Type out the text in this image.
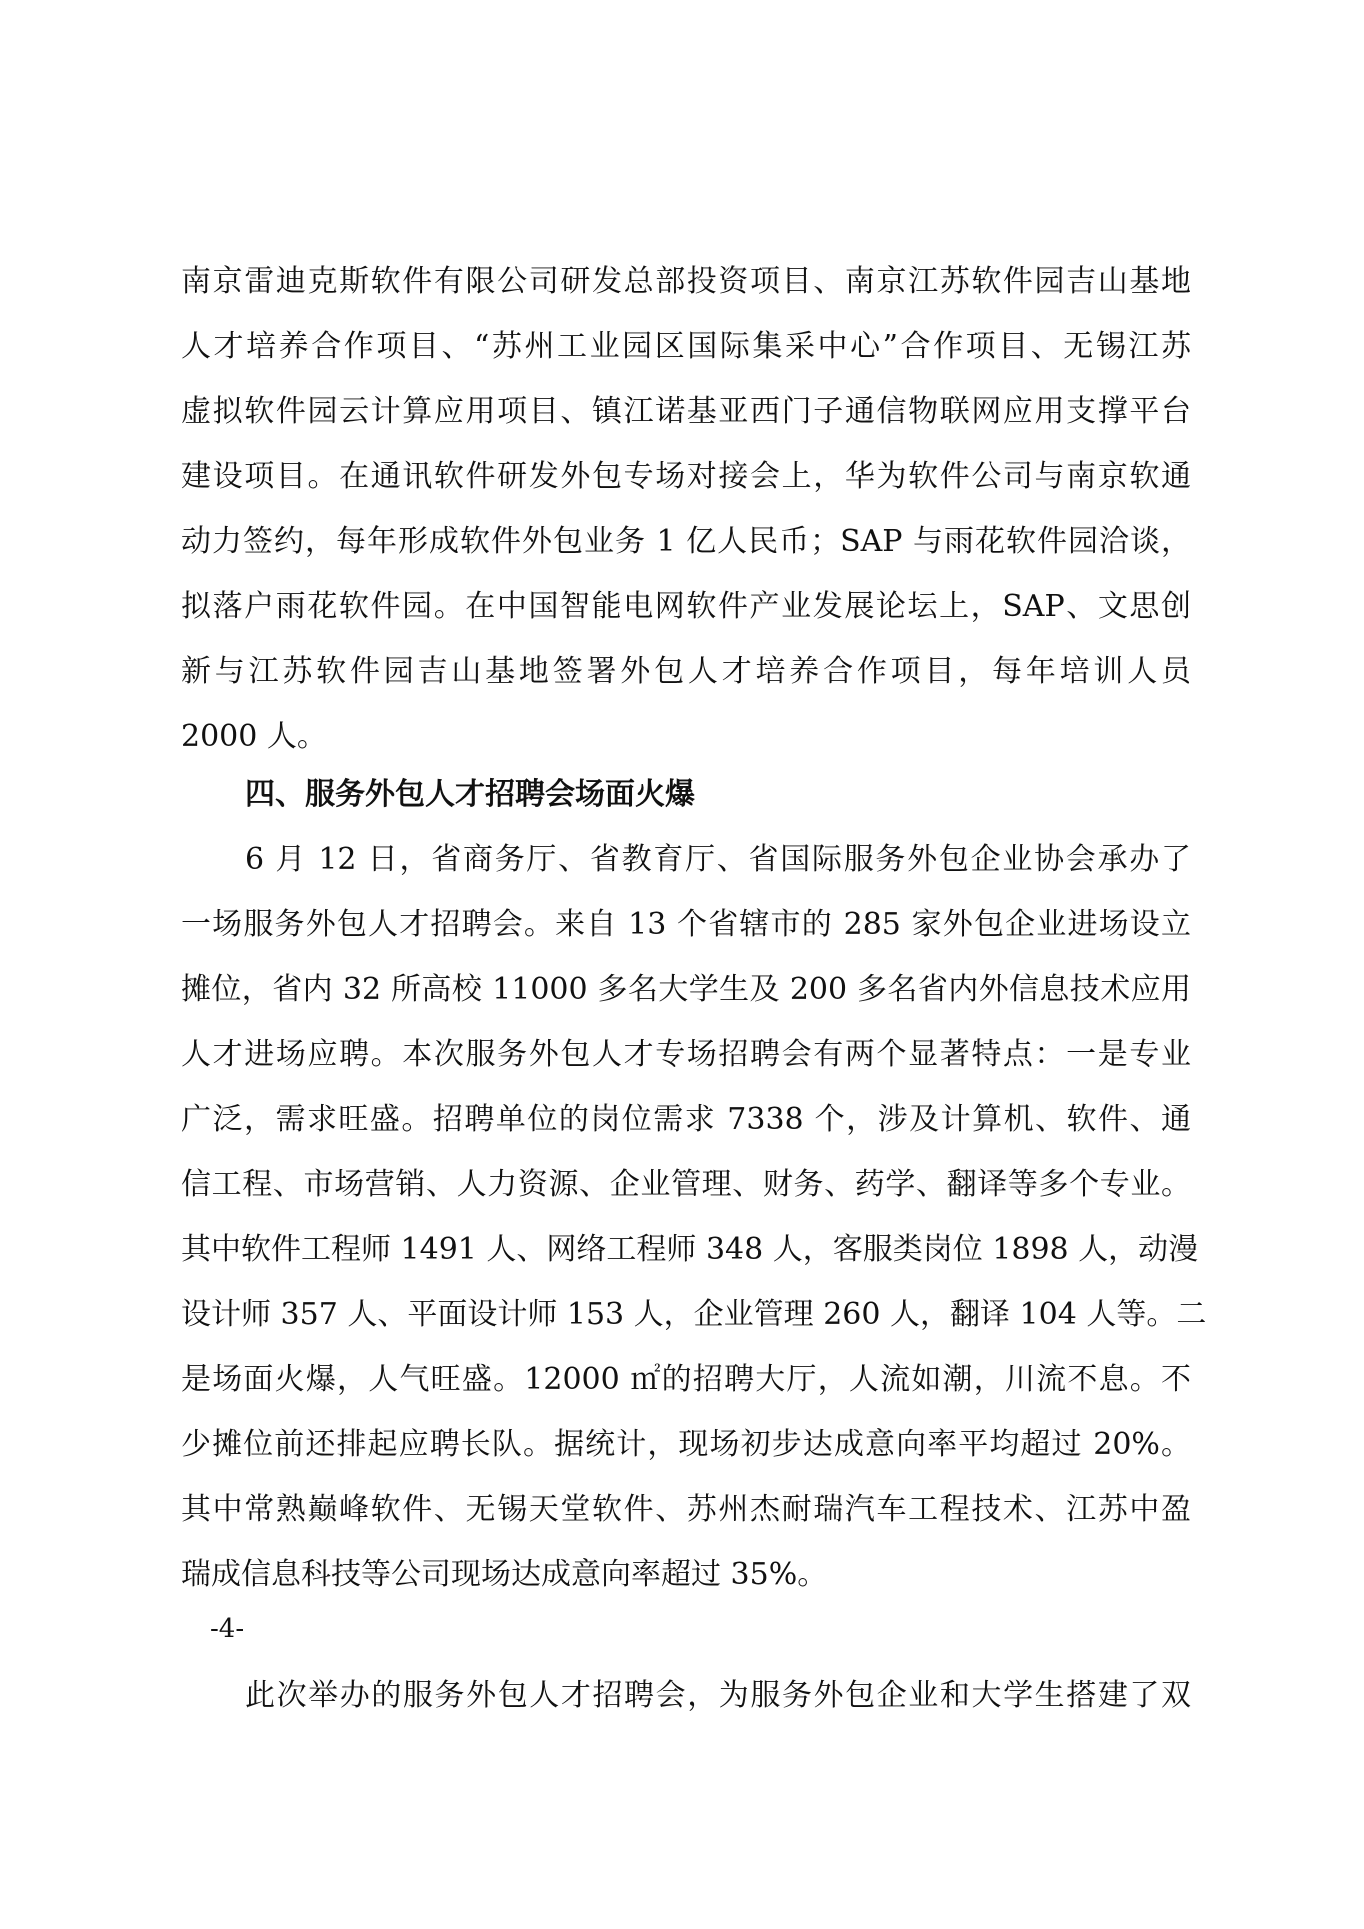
南京雷迪克斯软件有限公司研发总部投资项目、南京江苏软件园吉山基地
人才培养合作项目、“苏州工业园区国际集采中心”合作项目、无锡江苏
虚拟软件园云计算应用项目、镇江诺基亚西门子通信物联网应用支撑平台
建设项目。在通讯软件研发外包专场对接会上，华为软件公司与南京软通
动力签约，每年形成软件外包业务 1 亿人民币；SAP 与雨花软件园洽谈，
拟落户雨花软件园。在中国智能电网软件产业发展论坛上，SAP、文思创
新与江苏软件园吉山基地签署外包人才培养合作项目，每年培训人员
2000 人。
四、服务外包人才招聘会场面火爆
6 月 12 日，省商务厅、省教育厅、省国际服务外包企业协会承办了
一场服务外包人才招聘会。来自 13 个省辖市的 285 家外包企业进场设立
摊位，省内 32 所高校 11000 多名大学生及 200 多名省内外信息技术应用
人才进场应聘。本次服务外包人才专场招聘会有两个显著特点：一是专业
广泛，需求旺盛。招聘单位的岗位需求 7338 个，涉及计算机、软件、通
信工程、市场营销、人力资源、企业管理、财务、药学、翻译等多个专业。
其中软件工程师 1491 人、网络工程师 348 人，客服类岗位 1898 人，动漫
设计师 357 人、平面设计师 153 人，企业管理 260 人，翻译 104 人等。二
是场面火爆，人气旺盛。12000 ㎡的招聘大厅，人流如潮，川流不息。不
少摊位前还排起应聘长队。据统计，现场初步达成意向率平均超过 20%。
其中常熟巅峰软件、无锡天堂软件、苏州杰耐瑞汽车工程技术、江苏中盈
瑞成信息科技等公司现场达成意向率超过 35%。
-4-
此次举办的服务外包人才招聘会，为服务外包企业和大学生搭建了双
